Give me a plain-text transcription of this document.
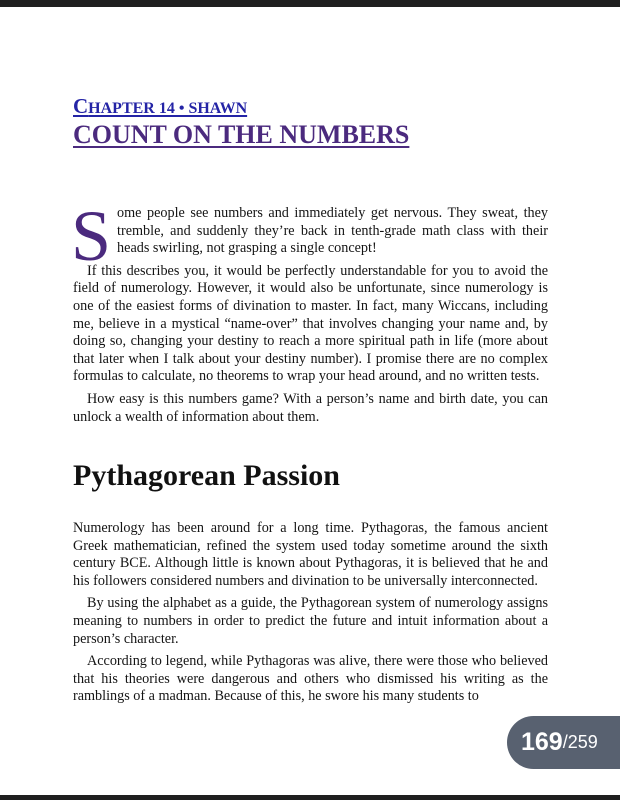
CHAPTER 14 • SHAWN
COUNT ON THE NUMBERS

Some people see numbers and immediately get nervous. They sweat, they tremble, and suddenly they’re back in tenth-grade math class with their heads swirling, not grasping a single concept!

If this describes you, it would be perfectly understandable for you to avoid the field of numerology. However, it would also be unfortunate, since numerology is one of the easiest forms of divination to master. In fact, many Wiccans, including me, believe in a mystical “name-over” that involves changing your name and, by doing so, changing your destiny to reach a more spiritual path in life (more about that later when I talk about your destiny number). I promise there are no complex formulas to calculate, no theorems to wrap your head around, and no written tests.

How easy is this numbers game? With a person’s name and birth date, you can unlock a wealth of information about them.

Pythagorean Passion

Numerology has been around for a long time. Pythagoras, the famous ancient Greek mathematician, refined the system used today sometime around the sixth century BCE. Although little is known about Pythagoras, it is believed that he and his followers considered numbers and divination to be universally interconnected.

By using the alphabet as a guide, the Pythagorean system of numerology assigns meaning to numbers in order to predict the future and intuit information about a person’s character.

According to legend, while Pythagoras was alive, there were those who believed that his theories were dangerous and others who dismissed his writing as the ramblings of a madman. Because of this, he swore his many students to

169 / 259
